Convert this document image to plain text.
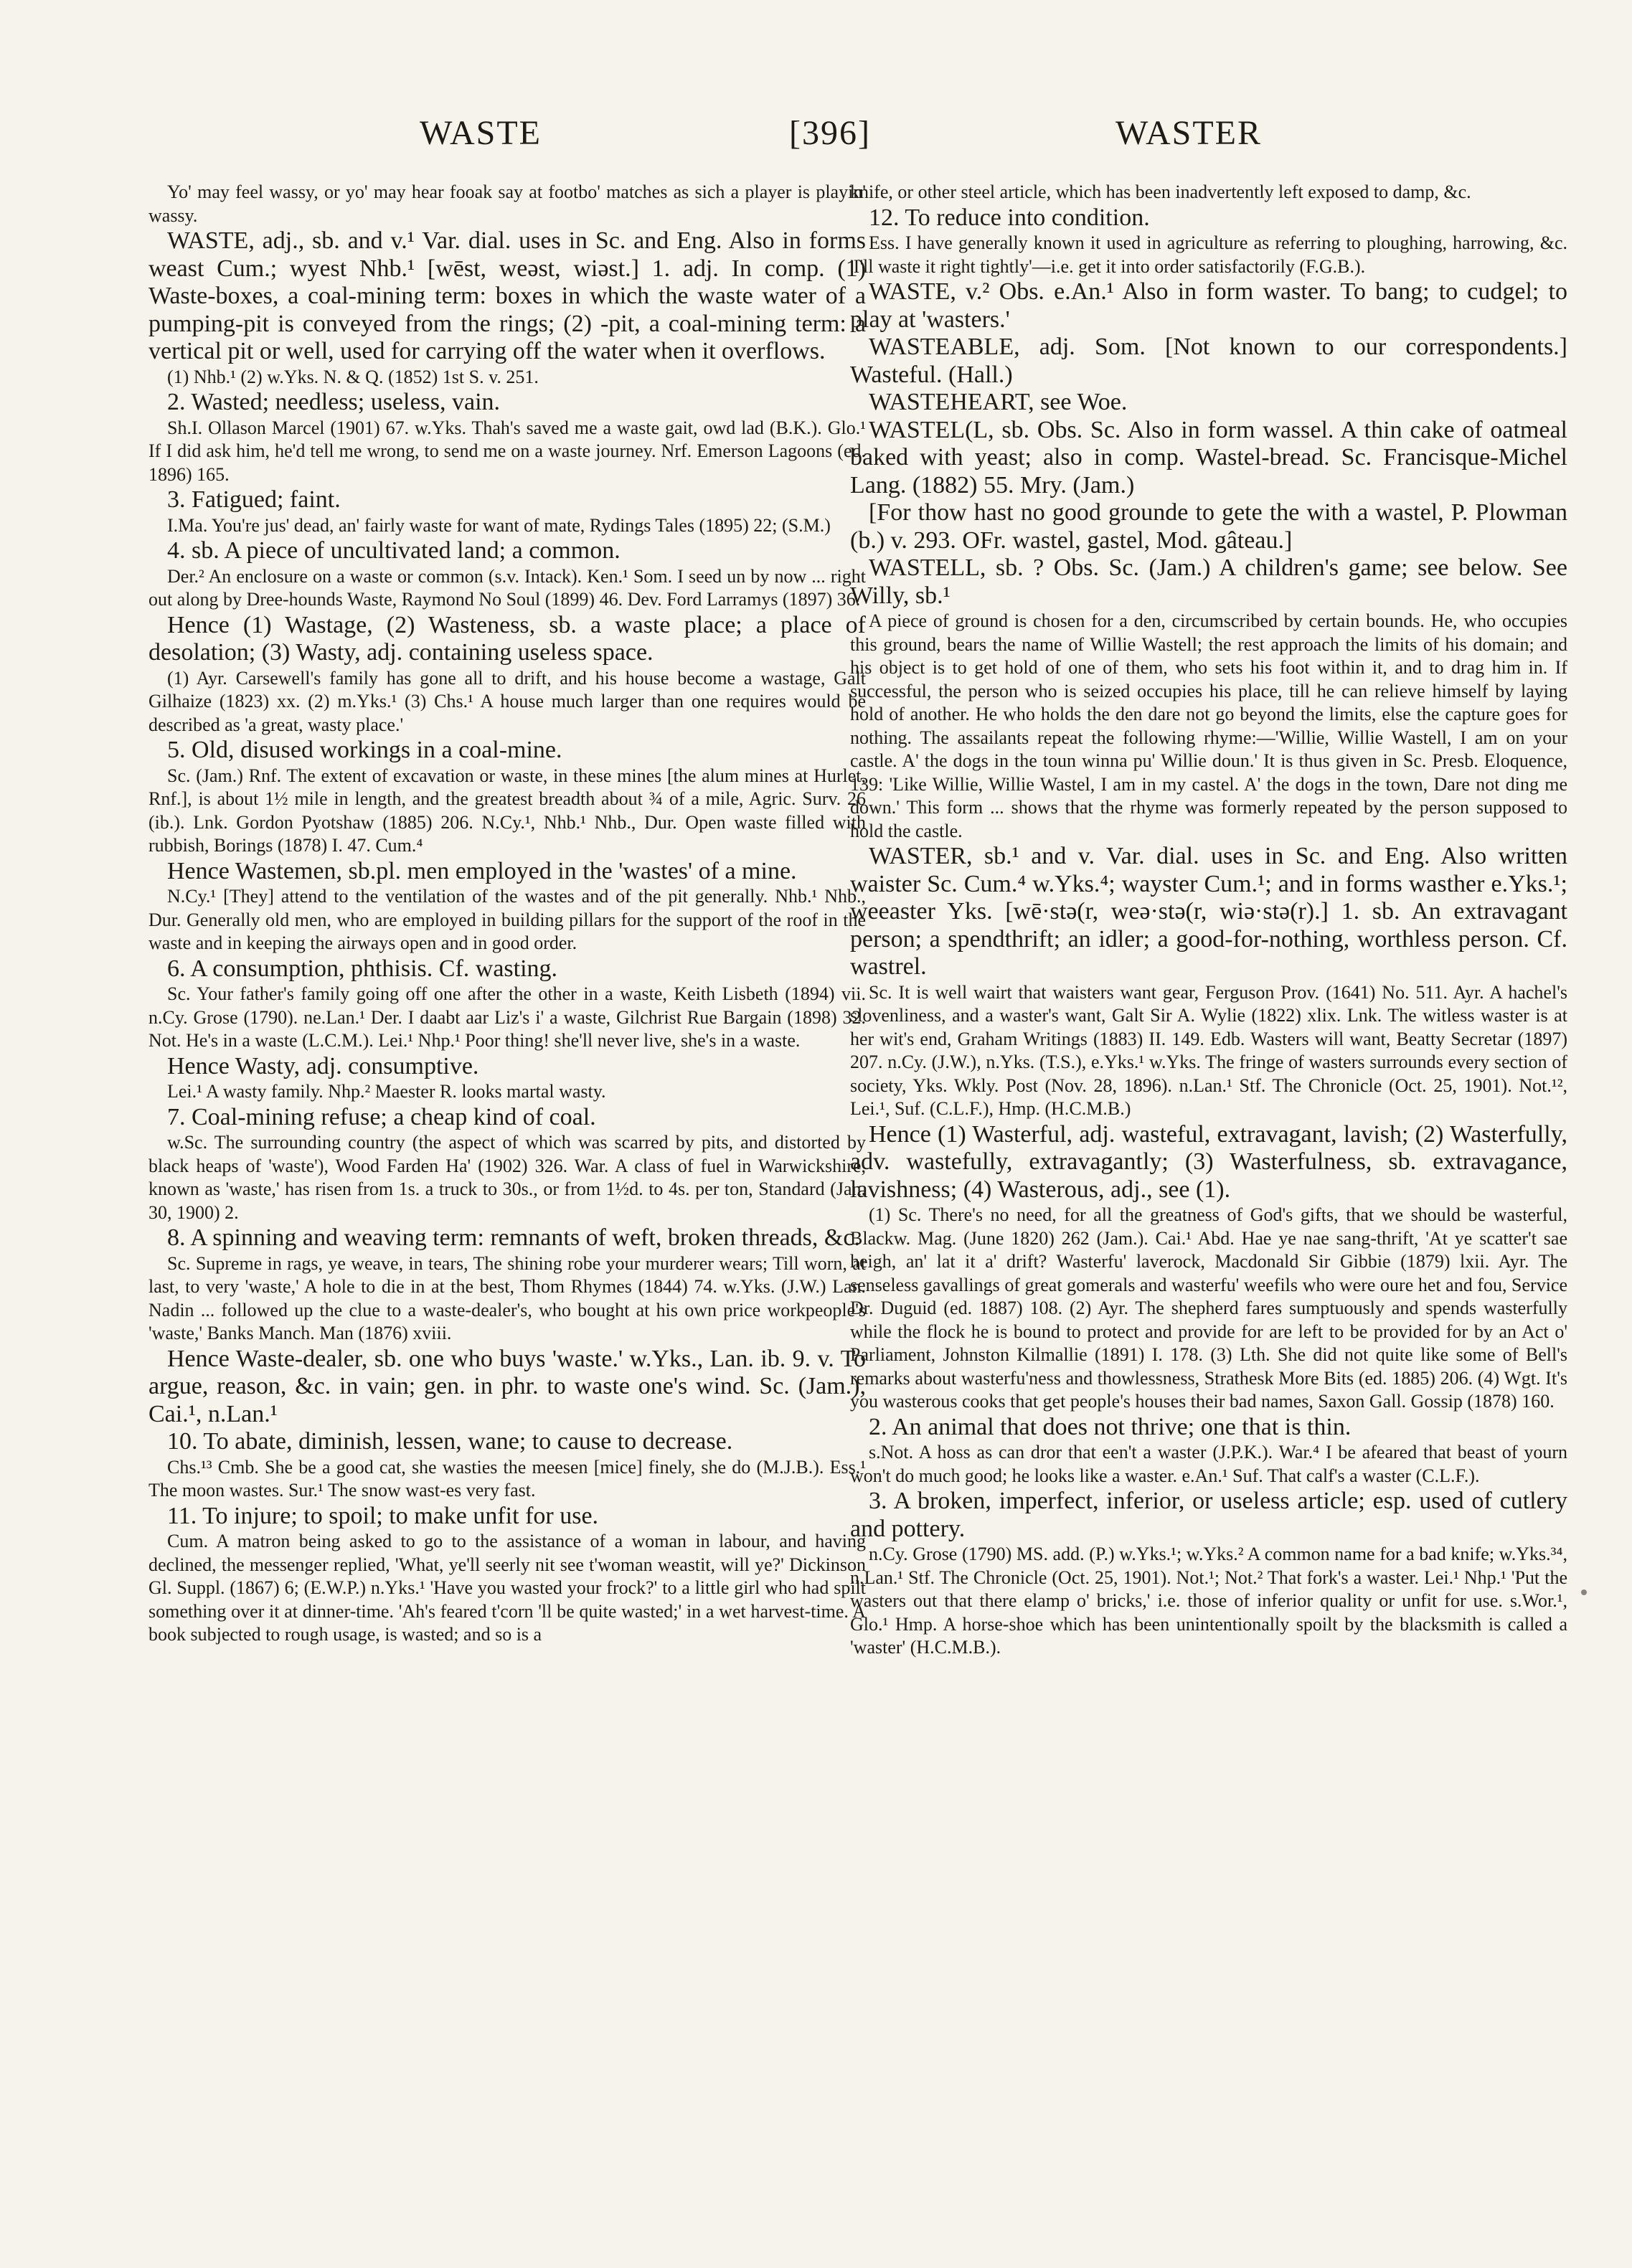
WASTE	[396]	WASTER

Yo' may feel wassy, or yo' may hear fooak say at footbo' matches as sich a player is playin' wassy.

WASTE, adj., sb. and v.¹ Var. dial. uses in Sc. and Eng. Also in forms weast Cum.; wyest Nhb.¹ [wēst, weəst, wiəst.] 1. adj. In comp. (1) Waste-boxes, a coal-mining term: boxes in which the waste water of a pumping-pit is conveyed from the rings; (2) -pit, a coal-mining term: a vertical pit or well, used for carrying off the water when it overflows.

(1) Nhb.¹ (2) w.Yks. N. & Q. (1852) 1st S. v. 251.

2. Wasted; needless; useless, vain.

Sh.I. Ollason Marcel (1901) 67. w.Yks. Thah's saved me a waste gait, owd lad (B.K.). Glo.¹ If I did ask him, he'd tell me wrong, to send me on a waste journey. Nrf. Emerson Lagoons (ed. 1896) 165.

3. Fatigued; faint.

I.Ma. You're jus' dead, an' fairly waste for want of mate, Rydings Tales (1895) 22; (S.M.)

4. sb. A piece of uncultivated land; a common.

Der.² An enclosure on a waste or common (s.v. Intack). Ken.¹ Som. I seed un by now ... right out along by Dree-hounds Waste, Raymond No Soul (1899) 46. Dev. Ford Larramys (1897) 36.

Hence (1) Wastage, (2) Wasteness, sb. a waste place; a place of desolation; (3) Wasty, adj. containing useless space.

(1) Ayr. Carsewell's family has gone all to drift, and his house become a wastage, Galt Gilhaize (1823) xx. (2) m.Yks.¹ (3) Chs.¹ A house much larger than one requires would be described as 'a great, wasty place.'

5. Old, disused workings in a coal-mine.

Sc. (Jam.) Rnf. The extent of excavation or waste, in these mines [the alum mines at Hurlet, Rnf.], is about 1½ mile in length, and the greatest breadth about ¾ of a mile, Agric. Surv. 26 (ib.). Lnk. Gordon Pyotshaw (1885) 206. N.Cy.¹, Nhb.¹ Nhb., Dur. Open waste filled with rubbish, Borings (1878) I. 47. Cum.⁴

Hence Wastemen, sb.pl. men employed in the 'wastes' of a mine.

N.Cy.¹ [They] attend to the ventilation of the wastes and of the pit generally. Nhb.¹ Nhb., Dur. Generally old men, who are employed in building pillars for the support of the roof in the waste and in keeping the airways open and in good order.

6. A consumption, phthisis. Cf. wasting.

Sc. Your father's family going off one after the other in a waste, Keith Lisbeth (1894) vii. n.Cy. Grose (1790). ne.Lan.¹ Der. I daabt aar Liz's i' a waste, Gilchrist Rue Bargain (1898) 32. Not. He's in a waste (L.C.M.). Lei.¹ Nhp.¹ Poor thing! she'll never live, she's in a waste.

Hence Wasty, adj. consumptive.

Lei.¹ A wasty family. Nhp.² Maester R. looks martal wasty.

7. Coal-mining refuse; a cheap kind of coal.

w.Sc. The surrounding country (the aspect of which was scarred by pits, and distorted by black heaps of 'waste'), Wood Farden Ha' (1902) 326. War. A class of fuel in Warwickshire, known as 'waste,' has risen from 1s. a truck to 30s., or from 1½d. to 4s. per ton, Standard (Jan. 30, 1900) 2.

8. A spinning and weaving term: remnants of weft, broken threads, &c.

Sc. Supreme in rags, ye weave, in tears, The shining robe your murderer wears; Till worn, at last, to very 'waste,' A hole to die in at the best, Thom Rhymes (1844) 74. w.Yks. (J.W.) Lan. Nadin ... followed up the clue to a waste-dealer's, who bought at his own price workpeople's 'waste,' Banks Manch. Man (1876) xviii.

Hence Waste-dealer, sb. one who buys 'waste.' w.Yks., Lan. ib. 9. v. To argue, reason, &c. in vain; gen. in phr. to waste one's wind. Sc. (Jam.), Cai.¹, n.Lan.¹

10. To abate, diminish, lessen, wane; to cause to decrease.

Chs.¹³ Cmb. She be a good cat, she wasties the meesen [mice] finely, she do (M.J.B.). Ess.¹ The moon wastes. Sur.¹ The snow wast-es very fast.

11. To injure; to spoil; to make unfit for use.

Cum. A matron being asked to go to the assistance of a woman in labour, and having declined, the messenger replied, 'What, ye'll seerly nit see t'woman weastit, will ye?' Dickinson Gl. Suppl. (1867) 6; (E.W.P.) n.Yks.¹ 'Have you wasted your frock?' to a little girl who had spilt something over it at dinner-time. 'Ah's feared t'corn 'll be quite wasted;' in a wet harvest-time. A book subjected to rough usage, is wasted; and so is a

knife, or other steel article, which has been inadvertently left exposed to damp, &c.

12. To reduce into condition.

Ess. I have generally known it used in agriculture as referring to ploughing, harrowing, &c. 'I'll waste it right tightly'—i.e. get it into order satisfactorily (F.G.B.).

WASTE, v.² Obs. e.An.¹ Also in form waster. To bang; to cudgel; to play at 'wasters.'

WASTEABLE, adj. Som. [Not known to our correspondents.] Wasteful. (Hall.)

WASTEHEART, see Woe.

WASTEL(L, sb. Obs. Sc. Also in form wassel. A thin cake of oatmeal baked with yeast; also in comp. Wastel-bread. Sc. Francisque-Michel Lang. (1882) 55. Mry. (Jam.)

[For thow hast no good grounde to gete the with a wastel, P. Plowman (b.) v. 293. OFr. wastel, gastel, Mod. gâteau.]

WASTELL, sb. ? Obs. Sc. (Jam.) A children's game; see below. See Willy, sb.¹

A piece of ground is chosen for a den, circumscribed by certain bounds. He, who occupies this ground, bears the name of Willie Wastell; the rest approach the limits of his domain; and his object is to get hold of one of them, who sets his foot within it, and to drag him in. If successful, the person who is seized occupies his place, till he can relieve himself by laying hold of another. He who holds the den dare not go beyond the limits, else the capture goes for nothing. The assailants repeat the following rhyme:—'Willie, Willie Wastell, I am on your castle. A' the dogs in the toun winna pu' Willie doun.' It is thus given in Sc. Presb. Eloquence, 139: 'Like Willie, Willie Wastel, I am in my castel. A' the dogs in the town, Dare not ding me down.' This form ... shows that the rhyme was formerly repeated by the person supposed to hold the castle.

WASTER, sb.¹ and v. Var. dial. uses in Sc. and Eng. Also written waister Sc. Cum.⁴ w.Yks.⁴; wayster Cum.¹; and in forms wasther e.Yks.¹; weeaster Yks. [wē·stə(r, weə·stə(r, wiə·stə(r).] 1. sb. An extravagant person; a spendthrift; an idler; a good-for-nothing, worthless person. Cf. wastrel.

Sc. It is well wairt that waisters want gear, Ferguson Prov. (1641) No. 511. Ayr. A hachel's slovenliness, and a waster's want, Galt Sir A. Wylie (1822) xlix. Lnk. The witless waster is at her wit's end, Graham Writings (1883) II. 149. Edb. Wasters will want, Beatty Secretar (1897) 207. n.Cy. (J.W.), n.Yks. (T.S.), e.Yks.¹ w.Yks. The fringe of wasters surrounds every section of society, Yks. Wkly. Post (Nov. 28, 1896). n.Lan.¹ Stf. The Chronicle (Oct. 25, 1901). Not.¹², Lei.¹, Suf. (C.L.F.), Hmp. (H.C.M.B.)

Hence (1) Wasterful, adj. wasteful, extravagant, lavish; (2) Wasterfully, adv. wastefully, extravagantly; (3) Wasterfulness, sb. extravagance, lavishness; (4) Wasterous, adj., see (1).

(1) Sc. There's no need, for all the greatness of God's gifts, that we should be wasterful, Blackw. Mag. (June 1820) 262 (Jam.). Cai.¹ Abd. Hae ye nae sang-thrift, 'At ye scatter't sae heigh, an' lat it a' drift? Wasterfu' laverock, Macdonald Sir Gibbie (1879) lxii. Ayr. The senseless gavallings of great gomerals and wasterfu' weefils who were oure het and fou, Service Dr. Duguid (ed. 1887) 108. (2) Ayr. The shepherd fares sumptuously and spends wasterfully while the flock he is bound to protect and provide for are left to be provided for by an Act o' Parliament, Johnston Kilmallie (1891) I. 178. (3) Lth. She did not quite like some of Bell's remarks about wasterfu'ness and thowlessness, Strathesk More Bits (ed. 1885) 206. (4) Wgt. It's you wasterous cooks that get people's houses their bad names, Saxon Gall. Gossip (1878) 160.

2. An animal that does not thrive; one that is thin.

s.Not. A hoss as can dror that een't a waster (J.P.K.). War.⁴ I be afeared that beast of yourn won't do much good; he looks like a waster. e.An.¹ Suf. That calf's a waster (C.L.F.).

3. A broken, imperfect, inferior, or useless article; esp. used of cutlery and pottery.

n.Cy. Grose (1790) MS. add. (P.) w.Yks.¹; w.Yks.² A common name for a bad knife; w.Yks.³⁴, n.Lan.¹ Stf. The Chronicle (Oct. 25, 1901). Not.¹; Not.² That fork's a waster. Lei.¹ Nhp.¹ 'Put the wasters out that there elamp o' bricks,' i.e. those of inferior quality or unfit for use. s.Wor.¹, Glo.¹ Hmp. A horse-shoe which has been unintentionally spoilt by the blacksmith is called a 'waster' (H.C.M.B.).
